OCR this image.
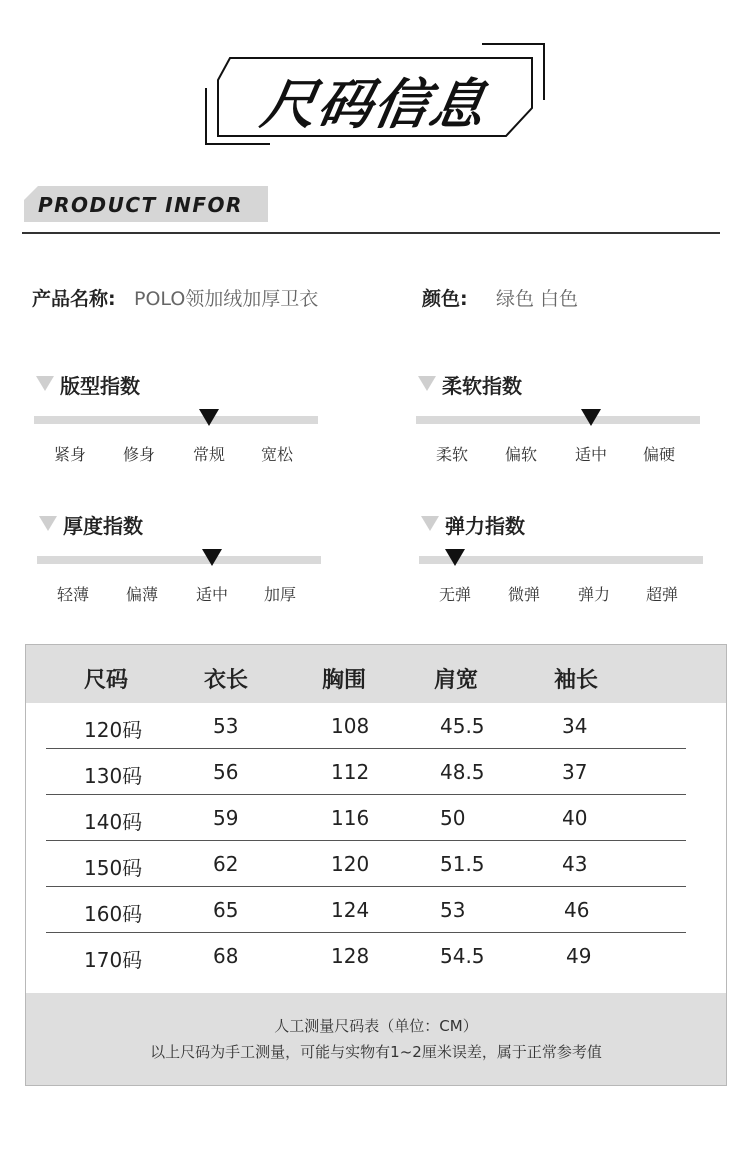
尺码信息
PRODUCT INFOR
产品名称: POLO领加绒加厚卫衣	颜色: 绿色 白色
版型指数
紧身 修身 常规 宽松
柔软指数
柔软 偏软 适中 偏硬
厚度指数
轻薄 偏薄 适中 加厚
弹力指数
无弹 微弹 弹力 超弹
尺码	衣长	胸围	肩宽	袖长
120码	53	108	45.5	34
130码	56	112	48.5	37
140码	59	116	50	40
150码	62	120	51.5	43
160码	65	124	53	46
170码	68	128	54.5	49
人工测量尺码表（单位：CM）
以上尺码为手工测量，可能与实物有1~2厘米误差，属于正常参考值
